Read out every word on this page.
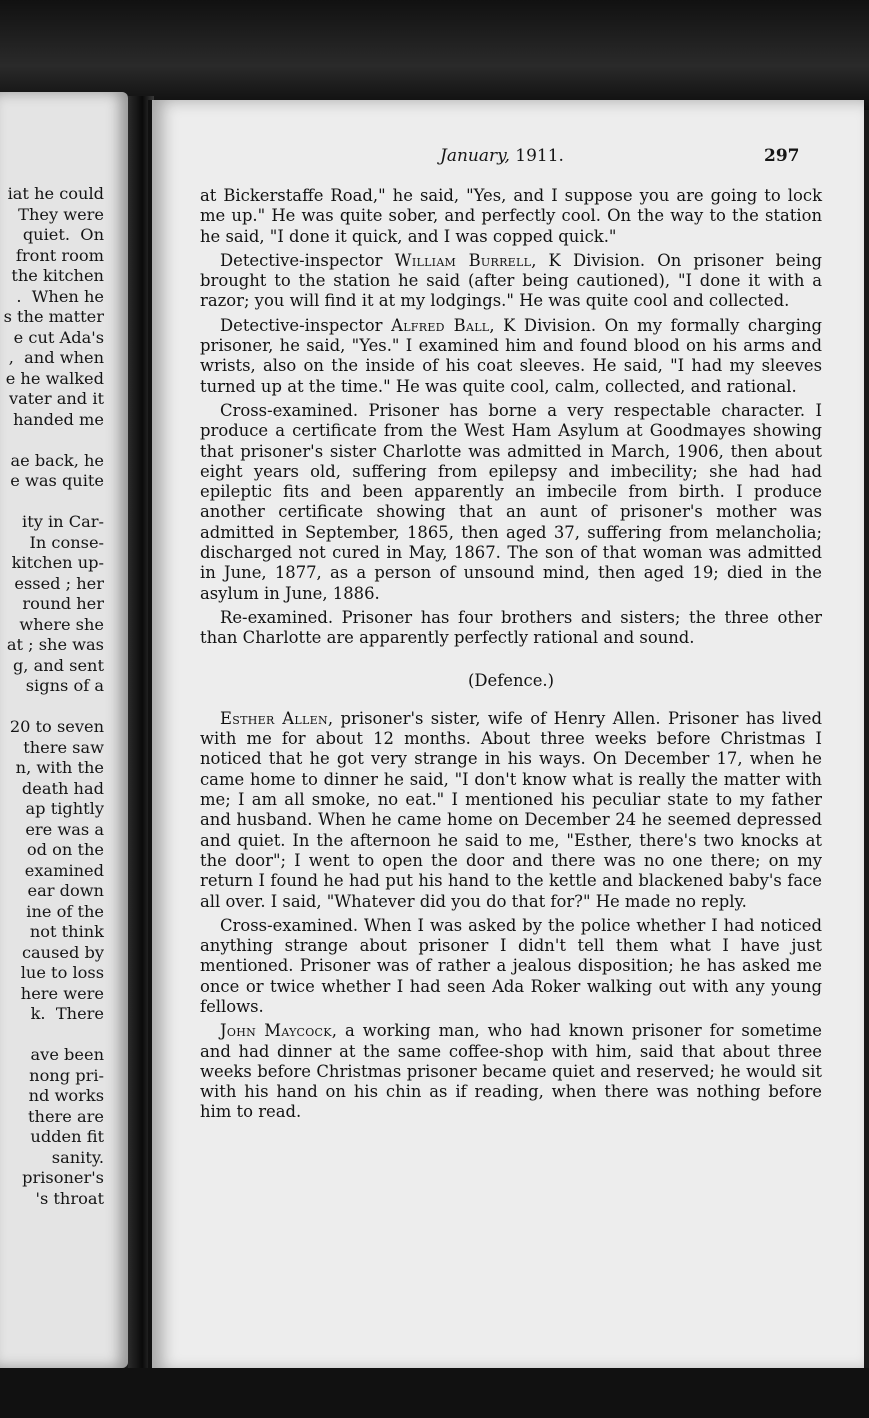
iat he could
They were
quiet.  On
front room
the kitchen
.  When he
s the matter
e cut Ada's
,  and when
e he walked
vater and it
handed me
ae back, he
e was quite
ity in Car-
In conse-
kitchen up-
essed ; her
round her
where she
at ; she was
g, and sent
signs of a
20 to seven
there saw
n, with the
death had
ap tightly
ere was a
od on the
examined
ear down
ine of the
not think
caused by
lue to loss
here were
k.  There
ave been
nong pri-
nd works
there are
udden fit
sanity.
prisoner's
's throat
January, 1911.	297

at Bickerstaffe Road," he said, "Yes, and I suppose you are going to lock me up." He was quite sober, and perfectly cool. On the way to the station he said, "I done it quick, and I was copped quick."

Detective-inspector William Burrell, K Division. On prisoner being brought to the station he said (after being cautioned), "I done it with a razor; you will find it at my lodgings." He was quite cool and collected.

Detective-inspector Alfred Ball, K Division. On my formally charging prisoner, he said, "Yes." I examined him and found blood on his arms and wrists, also on the inside of his coat sleeves. He said, "I had my sleeves turned up at the time." He was quite cool, calm, collected, and rational.

Cross-examined. Prisoner has borne a very respectable character. I produce a certificate from the West Ham Asylum at Goodmayes showing that prisoner's sister Charlotte was admitted in March, 1906, then about eight years old, suffering from epilepsy and imbecility; she had had epileptic fits and been apparently an imbecile from birth. I produce another certificate showing that an aunt of prisoner's mother was admitted in September, 1865, then aged 37, suffering from melancholia; discharged not cured in May, 1867. The son of that woman was admitted in June, 1877, as a person of unsound mind, then aged 19; died in the asylum in June, 1886.

Re-examined. Prisoner has four brothers and sisters; the three other than Charlotte are apparently perfectly rational and sound.

(Defence.)

Esther Allen, prisoner's sister, wife of Henry Allen. Prisoner has lived with me for about 12 months. About three weeks before Christmas I noticed that he got very strange in his ways. On December 17, when he came home to dinner he said, "I don't know what is really the matter with me; I am all smoke, no eat." I mentioned his peculiar state to my father and husband. When he came home on December 24 he seemed depressed and quiet. In the afternoon he said to me, "Esther, there's two knocks at the door"; I went to open the door and there was no one there; on my return I found he had put his hand to the kettle and blackened baby's face all over. I said, "Whatever did you do that for?" He made no reply.

Cross-examined. When I was asked by the police whether I had noticed anything strange about prisoner I didn't tell them what I have just mentioned. Prisoner was of rather a jealous disposition; he has asked me once or twice whether I had seen Ada Roker walking out with any young fellows.

John Maycock, a working man, who had known prisoner for sometime and had dinner at the same coffee-shop with him, said that about three weeks before Christmas prisoner became quiet and reserved; he would sit with his hand on his chin as if reading, when there was nothing before him to read.
